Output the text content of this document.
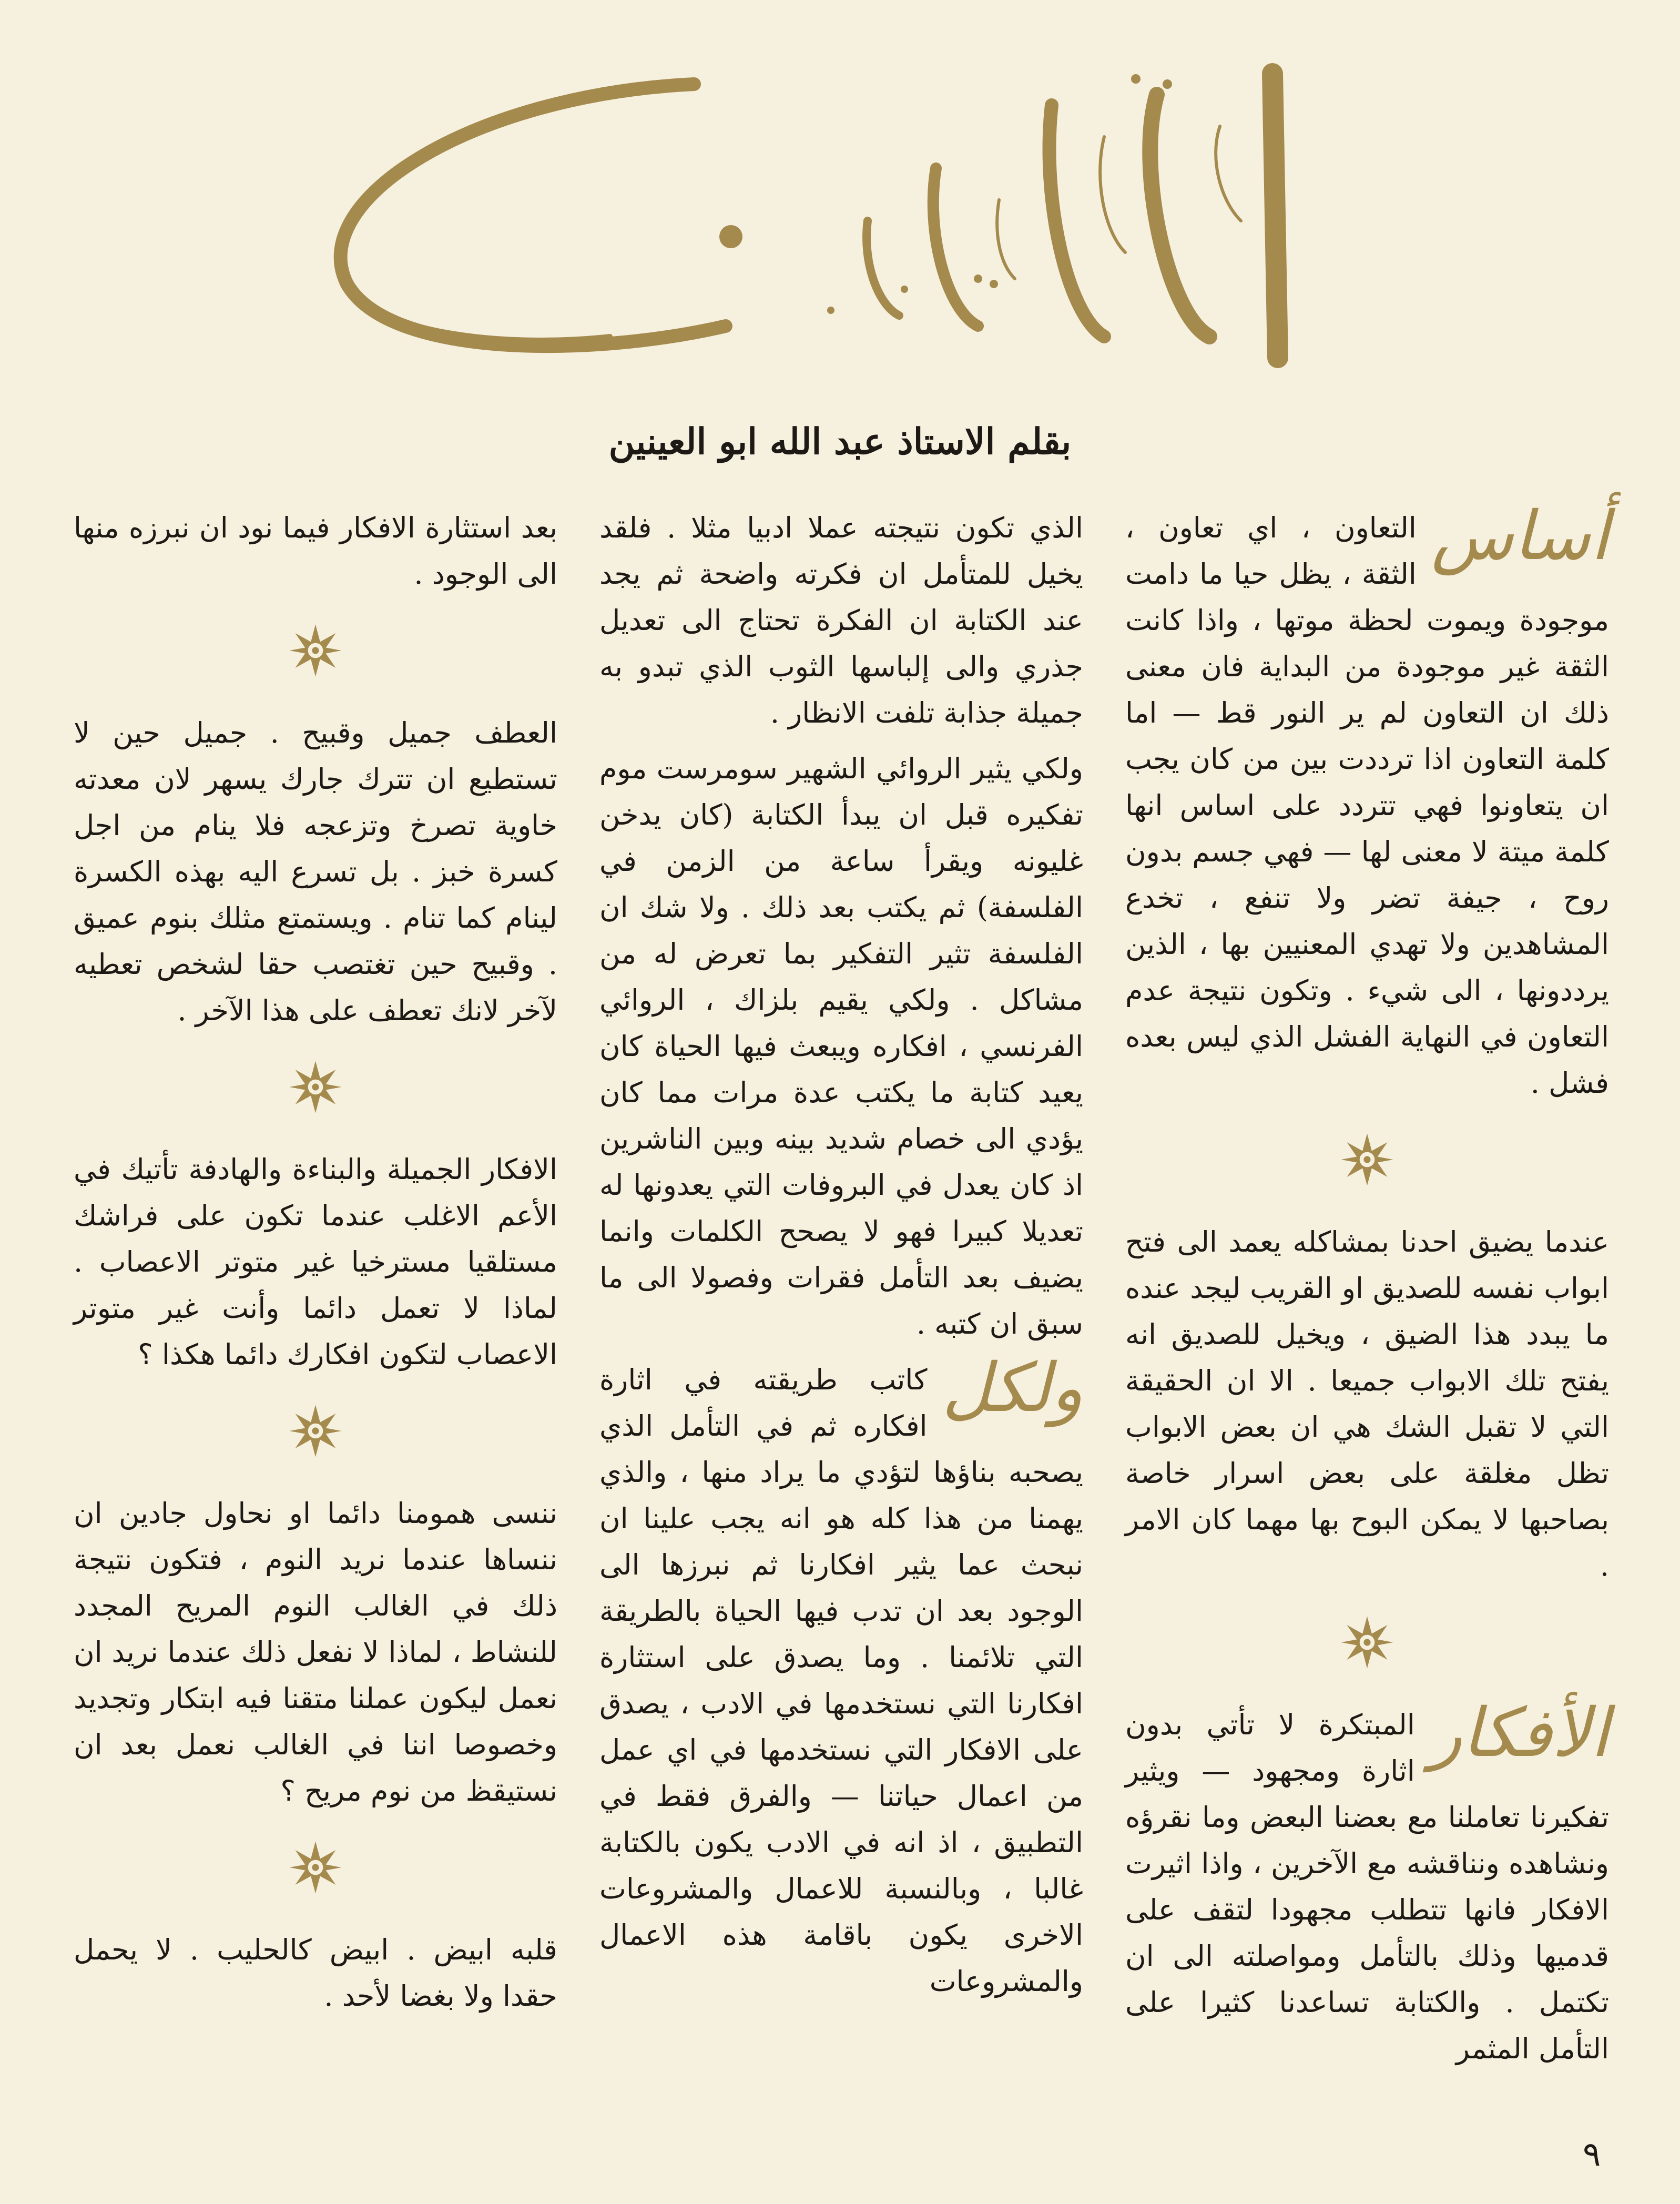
بقلم الاستاذ عبد الله ابو العينين
أساس

التعاون ، اي تعاون ، الثقة ، يظل حيا ما دامت موجودة ويموت لحظة موتها ، واذا كانت الثقة غير موجودة من البداية فان معنى ذلك ان التعاون لم ير النور قط — اما كلمة التعاون اذا ترددت بين من كان يجب ان يتعاونوا فهي تتردد على اساس انها كلمة ميتة لا معنى لها — فهي جسم بدون روح ، جيفة تضر ولا تنفع ، تخدع المشاهدين ولا تهدي المعنيين بها ، الذين يرددونها ، الى شيء . وتكون نتيجة عدم التعاون في النهاية الفشل الذي ليس بعده فشل .

عندما يضيق احدنا بمشاكله يعمد الى فتح ابواب نفسه للصديق او القريب ليجد عنده ما يبدد هذا الضيق ، ويخيل للصديق انه يفتح تلك الابواب جميعا . الا ان الحقيقة التي لا تقبل الشك هي ان بعض الابواب تظل مغلقة على بعض اسرار خاصة بصاحبها لا يمكن البوح بها مهما كان الامر .

الأفكار

المبتكرة لا تأتي بدون اثارة ومجهود — ويثير تفكيرنا تعاملنا مع بعضنا البعض وما نقرؤه ونشاهده ونناقشه مع الآخرين ، واذا اثيرت الافكار فانها تتطلب مجهودا لتقف على قدميها وذلك بالتأمل ومواصلته الى ان تكتمل . والكتابة تساعدنا كثيرا على التأمل المثمر

الذي تكون نتيجته عملا ادبيا مثلا . فلقد يخيل للمتأمل ان فكرته واضحة ثم يجد عند الكتابة ان الفكرة تحتاج الى تعديل جذري والى إلباسها الثوب الذي تبدو به جميلة جذابة تلفت الانظار .

ولكي يثير الروائي الشهير سومرست موم تفكيره قبل ان يبدأ الكتابة (كان يدخن غليونه ويقرأ ساعة من الزمن في الفلسفة) ثم يكتب بعد ذلك . ولا شك ان الفلسفة تثير التفكير بما تعرض له من مشاكل . ولكي يقيم بلزاك ، الروائي الفرنسي ، افكاره ويبعث فيها الحياة كان يعيد كتابة ما يكتب عدة مرات مما كان يؤدي الى خصام شديد بينه وبين الناشرين اذ كان يعدل في البروفات التي يعدونها له تعديلا كبيرا فهو لا يصحح الكلمات وانما يضيف بعد التأمل فقرات وفصولا الى ما سبق ان كتبه .

ولكل

كاتب طريقته في اثارة افكاره ثم في التأمل الذي يصحبه بناؤها لتؤدي ما يراد منها ، والذي يهمنا من هذا كله هو انه يجب علينا ان نبحث عما يثير افكارنا ثم نبرزها الى الوجود بعد ان تدب فيها الحياة بالطريقة التي تلائمنا . وما يصدق على استثارة افكارنا التي نستخدمها في الادب ، يصدق على الافكار التي نستخدمها في اي عمل من اعمال حياتنا — والفرق فقط في التطبيق ، اذ انه في الادب يكون بالكتابة غالبا ، وبالنسبة للاعمال والمشروعات الاخرى يكون باقامة هذه الاعمال والمشروعات

بعد استثارة الافكار فيما نود ان نبرزه منها الى الوجود .

العطف جميل وقبيح . جميل حين لا تستطيع ان تترك جارك يسهر لان معدته خاوية تصرخ وتزعجه فلا ينام من اجل كسرة خبز . بل تسرع اليه بهذه الكسرة لينام كما تنام . ويستمتع مثلك بنوم عميق . وقبيح حين تغتصب حقا لشخص تعطيه لآخر لانك تعطف على هذا الآخر .

الافكار الجميلة والبناءة والهادفة تأتيك في الأعم الاغلب عندما تكون على فراشك مستلقيا مسترخيا غير متوتر الاعصاب . لماذا لا تعمل دائما وأنت غير متوتر الاعصاب لتكون افكارك دائما هكذا ؟

ننسى همومنا دائما او نحاول جادين ان ننساها عندما نريد النوم ، فتكون نتيجة ذلك في الغالب النوم المريح المجدد للنشاط ، لماذا لا نفعل ذلك عندما نريد ان نعمل ليكون عملنا متقنا فيه ابتكار وتجديد وخصوصا اننا في الغالب نعمل بعد ان نستيقظ من نوم مريح ؟

قلبه ابيض . ابيض كالحليب . لا يحمل حقدا ولا بغضا لأحد .

٩
